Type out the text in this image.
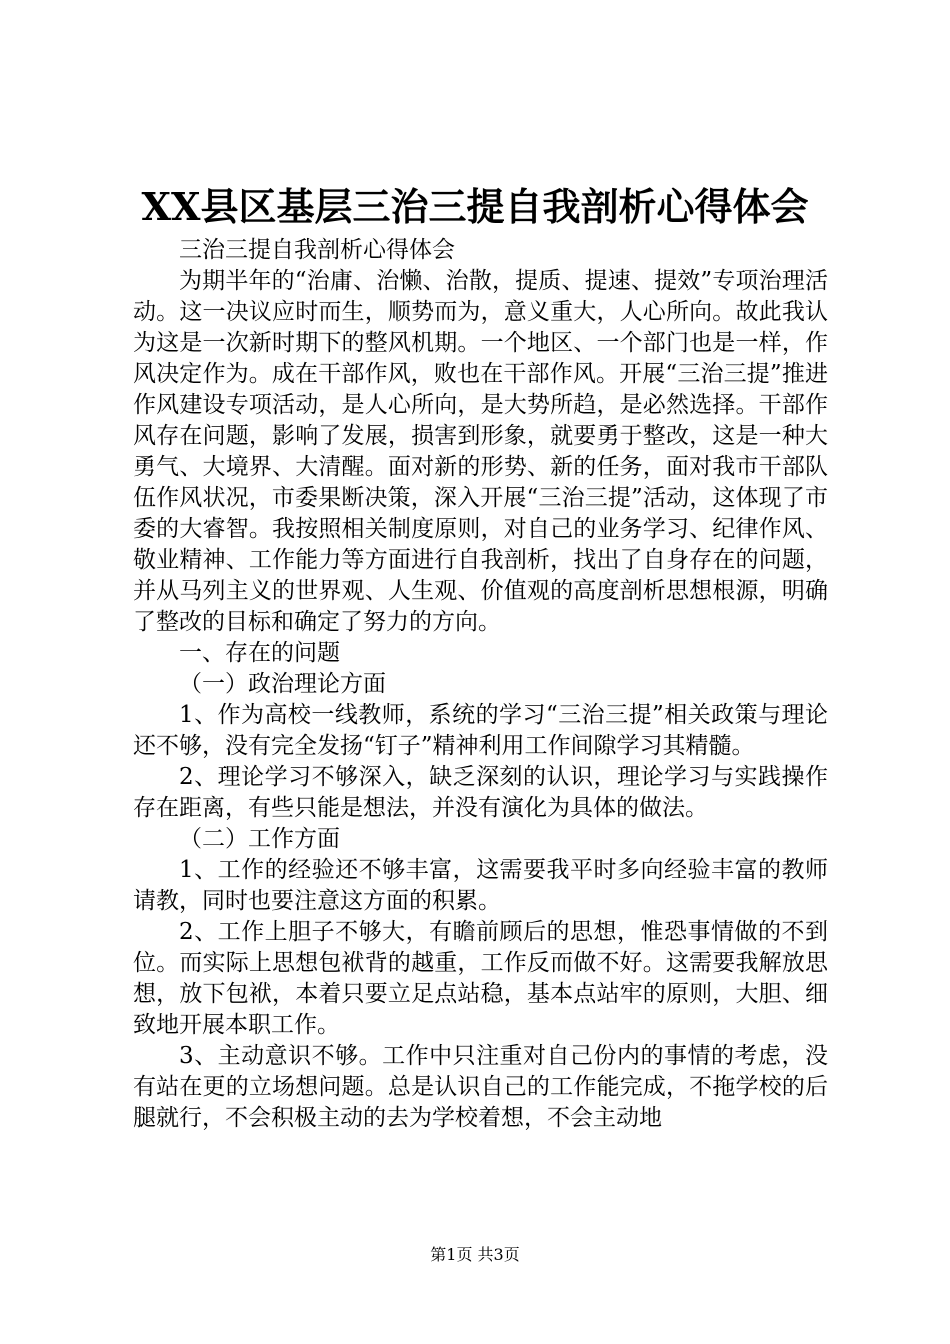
XX县区基层三治三提自我剖析心得体会

三治三提自我剖析心得体会

为期半年的“治庸、治懒、治散，提质、提速、提效”专项治理活动。这一决议应时而生，顺势而为，意义重大，人心所向。故此我认为这是一次新时期下的整风机期。一个地区、一个部门也是一样，作风决定作为。成在干部作风，败也在干部作风。开展“三治三提”推进作风建设专项活动，是人心所向，是大势所趋，是必然选择。干部作风存在问题，影响了发展，损害到形象，就要勇于整改，这是一种大勇气、大境界、大清醒。面对新的形势、新的任务，面对我市干部队伍作风状况，市委果断决策，深入开展“三治三提”活动，这体现了市委的大睿智。我按照相关制度原则，对自己的业务学习、纪律作风、敬业精神、工作能力等方面进行自我剖析，找出了自身存在的问题，并从马列主义的世界观、人生观、价值观的高度剖析思想根源，明确了整改的目标和确定了努力的方向。

一、存在的问题

（一）政治理论方面

1、作为高校一线教师，系统的学习“三治三提”相关政策与理论还不够，没有完全发扬“钉子”精神利用工作间隙学习其精髓。

2、理论学习不够深入，缺乏深刻的认识，理论学习与实践操作存在距离，有些只能是想法，并没有演化为具体的做法。

（二）工作方面

1、工作的经验还不够丰富，这需要我平时多向经验丰富的教师请教，同时也要注意这方面的积累。

2、工作上胆子不够大，有瞻前顾后的思想，惟恐事情做的不到位。而实际上思想包袱背的越重，工作反而做不好。这需要我解放思想，放下包袱，本着只要立足点站稳，基本点站牢的原则，大胆、细致地开展本职工作。

3、主动意识不够。工作中只注重对自己份内的事情的考虑，没有站在更的立场想问题。总是认识自己的工作能完成，不拖学校的后腿就行，不会积极主动的去为学校着想，不会主动地

第1页 共3页
